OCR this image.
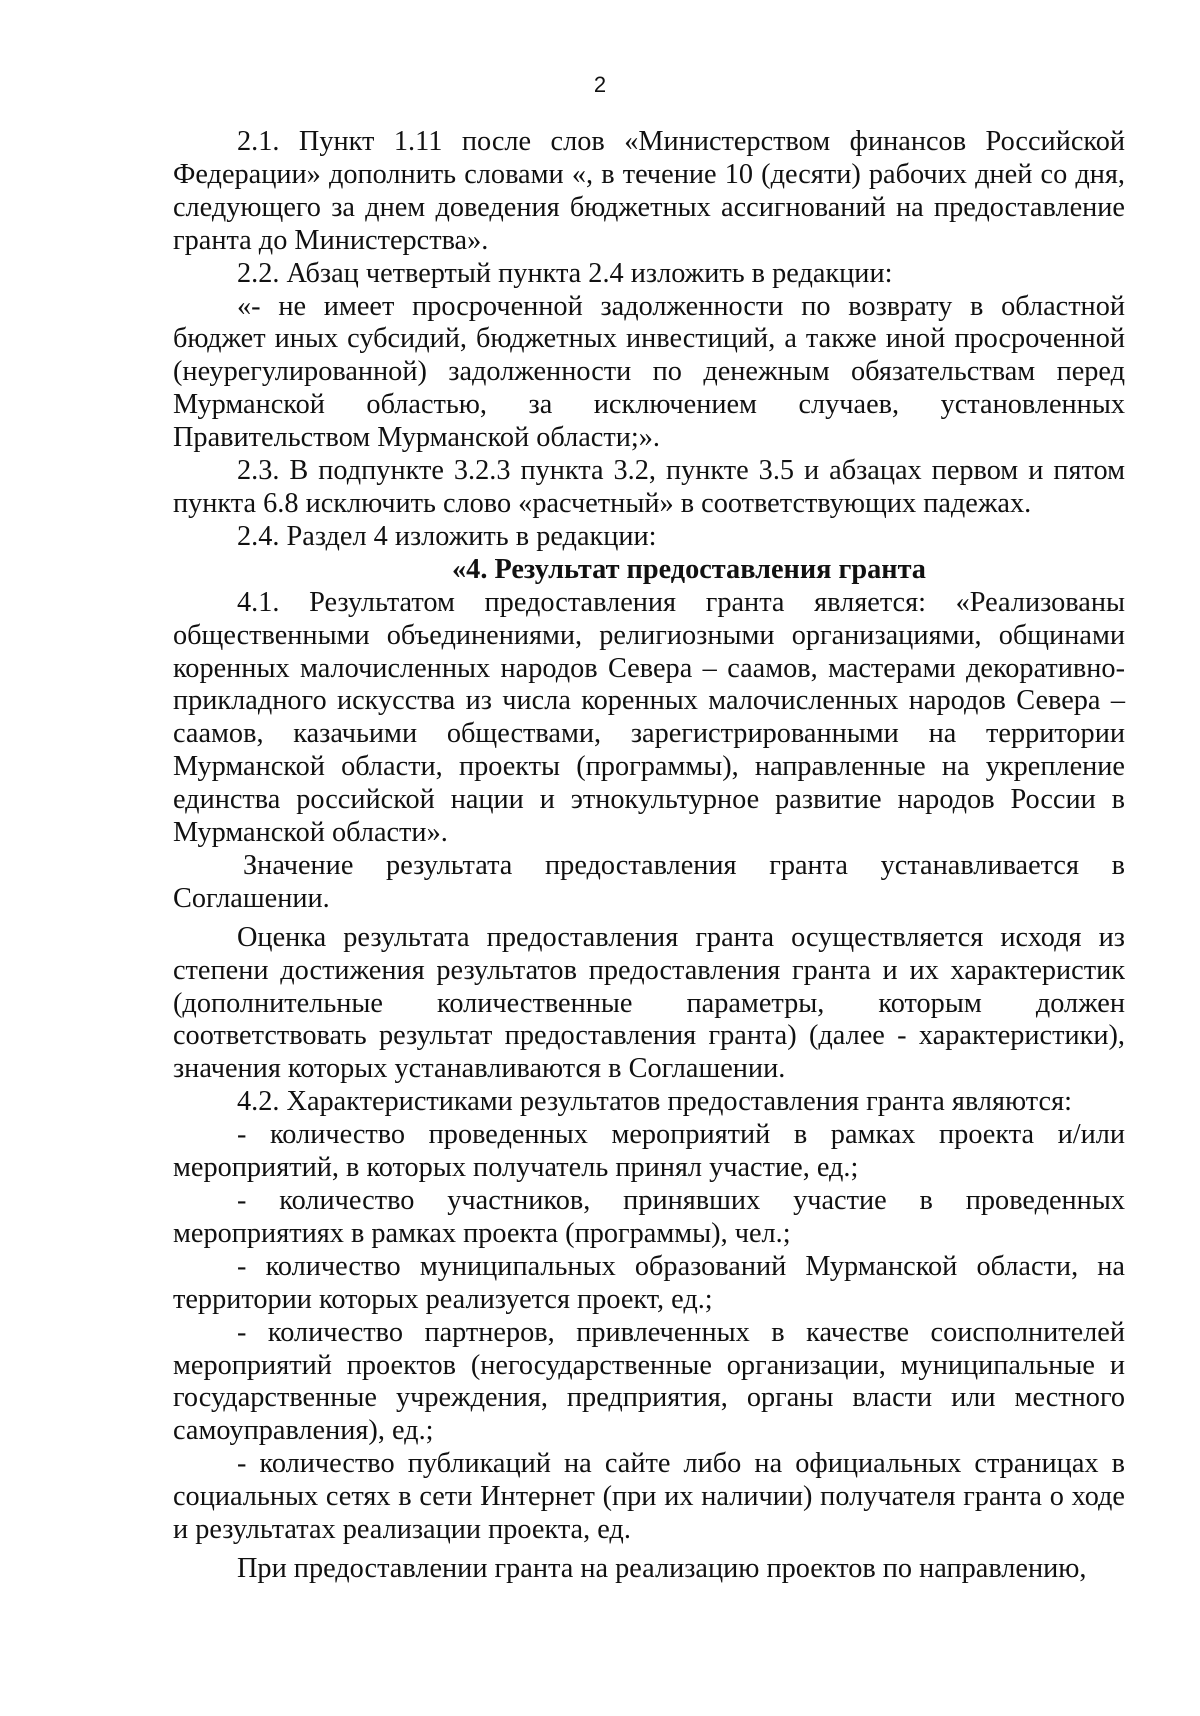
2

2.1. Пункт 1.11 после слов «Министерством финансов Российской Федерации» дополнить словами «, в течение 10 (десяти) рабочих дней со дня, следующего за днем доведения бюджетных ассигнований на предоставление гранта до Министерства».

2.2. Абзац четвертый пункта 2.4 изложить в редакции:

«- не имеет просроченной задолженности по возврату в областной бюджет иных субсидий, бюджетных инвестиций, а также иной просроченной (неурегулированной) задолженности по денежным обязательствам перед Мурманской областью, за исключением случаев, установленных Правительством Мурманской области;».

2.3. В подпункте 3.2.3 пункта 3.2, пункте 3.5 и абзацах первом и пятом пункта 6.8 исключить слово «расчетный» в соответствующих падежах.

2.4. Раздел 4 изложить в редакции:

«4. Результат предоставления гранта

4.1. Результатом предоставления гранта является: «Реализованы общественными объединениями, религиозными организациями, общинами коренных малочисленных народов Севера – саамов, мастерами декоративно-прикладного искусства из числа коренных малочисленных народов Севера – саамов, казачьими обществами, зарегистрированными на территории Мурманской области, проекты (программы), направленные на укрепление единства российской нации и этнокультурное развитие народов России в Мурманской области».

Значение результата предоставления гранта устанавливается в Соглашении.

Оценка результата предоставления гранта осуществляется исходя из степени достижения результатов предоставления гранта и их характеристик (дополнительные количественные параметры, которым должен соответствовать результат предоставления гранта) (далее - характеристики), значения которых устанавливаются в Соглашении.

4.2. Характеристиками результатов предоставления гранта являются:

- количество проведенных мероприятий в рамках проекта и/или мероприятий, в которых получатель принял участие, ед.;

- количество участников, принявших участие в проведенных мероприятиях в рамках проекта (программы), чел.;

- количество муниципальных образований Мурманской области, на территории которых реализуется проект, ед.;

- количество партнеров, привлеченных в качестве соисполнителей мероприятий проектов (негосударственные организации, муниципальные и государственные учреждения, предприятия, органы власти или местного самоуправления), ед.;

- количество публикаций на сайте либо на официальных страницах в социальных сетях в сети Интернет (при их наличии) получателя гранта о ходе и результатах реализации проекта, ед.

При предоставлении гранта на реализацию проектов по направлению,
